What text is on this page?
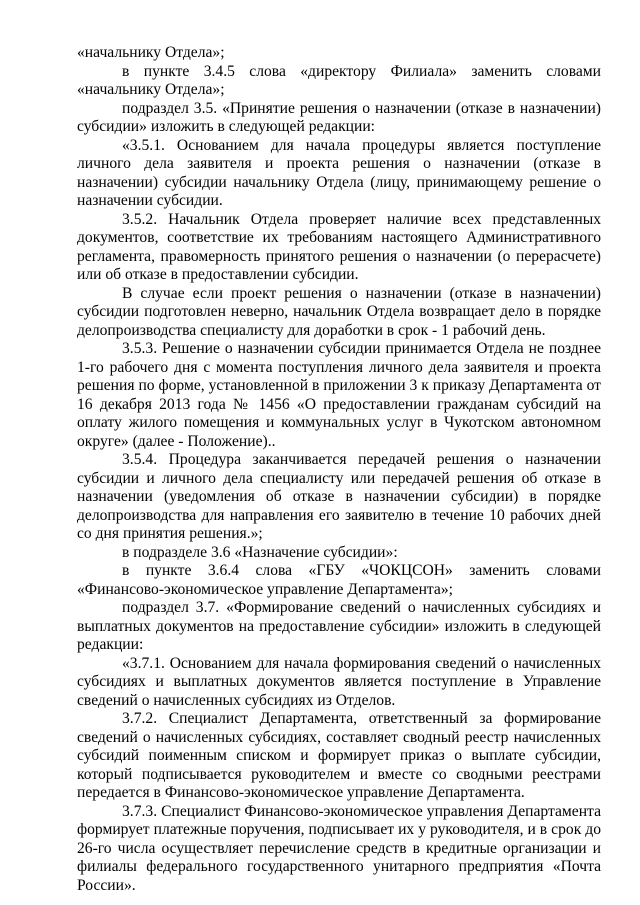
«начальнику Отдела»;

в пункте 3.4.5 слова «директору Филиала» заменить словами «начальнику Отдела»;

подраздел 3.5. «Принятие решения о назначении (отказе в назначении) субсидии» изложить в следующей редакции:

«3.5.1. Основанием для начала процедуры является поступление личного дела заявителя и проекта решения о назначении (отказе в назначении) субсидии начальнику Отдела (лицу, принимающему решение о назначении субсидии.

3.5.2. Начальник Отдела проверяет наличие всех представленных документов, соответствие их требованиям настоящего Административного регламента, правомерность принятого решения о назначении (о перерасчете) или об отказе в предоставлении субсидии.

В случае если проект решения о назначении (отказе в назначении) субсидии подготовлен неверно, начальник Отдела возвращает дело в порядке делопроизводства специалисту для доработки в срок - 1 рабочий день.

3.5.3. Решение о назначении субсидии принимается Отдела не позднее 1-го рабочего дня с момента поступления личного дела заявителя и проекта решения по форме, установленной в приложении 3 к приказу Департамента от 16 декабря 2013 года № 1456 «О предоставлении гражданам субсидий на оплату жилого помещения и коммунальных услуг в Чукотском автономном округе» (далее - Положение)..

3.5.4. Процедура заканчивается передачей решения о назначении субсидии и личного дела специалисту или передачей решения об отказе в назначении (уведомления об отказе в назначении субсидии) в порядке делопроизводства для направления его заявителю в течение 10 рабочих дней со дня принятия решения.»;

в подразделе 3.6 «Назначение субсидии»:

в пункте 3.6.4 слова «ГБУ «ЧОКЦСОН» заменить словами «Финансово-экономическое управление Департамента»;

подраздел 3.7. «Формирование сведений о начисленных субсидиях и выплатных документов на предоставление субсидии» изложить в следующей редакции:

«3.7.1. Основанием для начала формирования сведений о начисленных субсидиях и выплатных документов является поступление в Управление сведений о начисленных субсидиях из Отделов.

3.7.2. Специалист Департамента, ответственный за формирование сведений о начисленных субсидиях, составляет сводный реестр начисленных субсидий поименным списком и формирует приказ о выплате субсидии, который подписывается руководителем и вместе со сводными реестрами передается в Финансово-экономическое управление Департамента.

3.7.3. Специалист Финансово-экономическое управления Департамента формирует платежные поручения, подписывает их у руководителя, и в срок до 26-го числа осуществляет перечисление средств в кредитные организации и филиалы федерального государственного унитарного предприятия «Почта России».
